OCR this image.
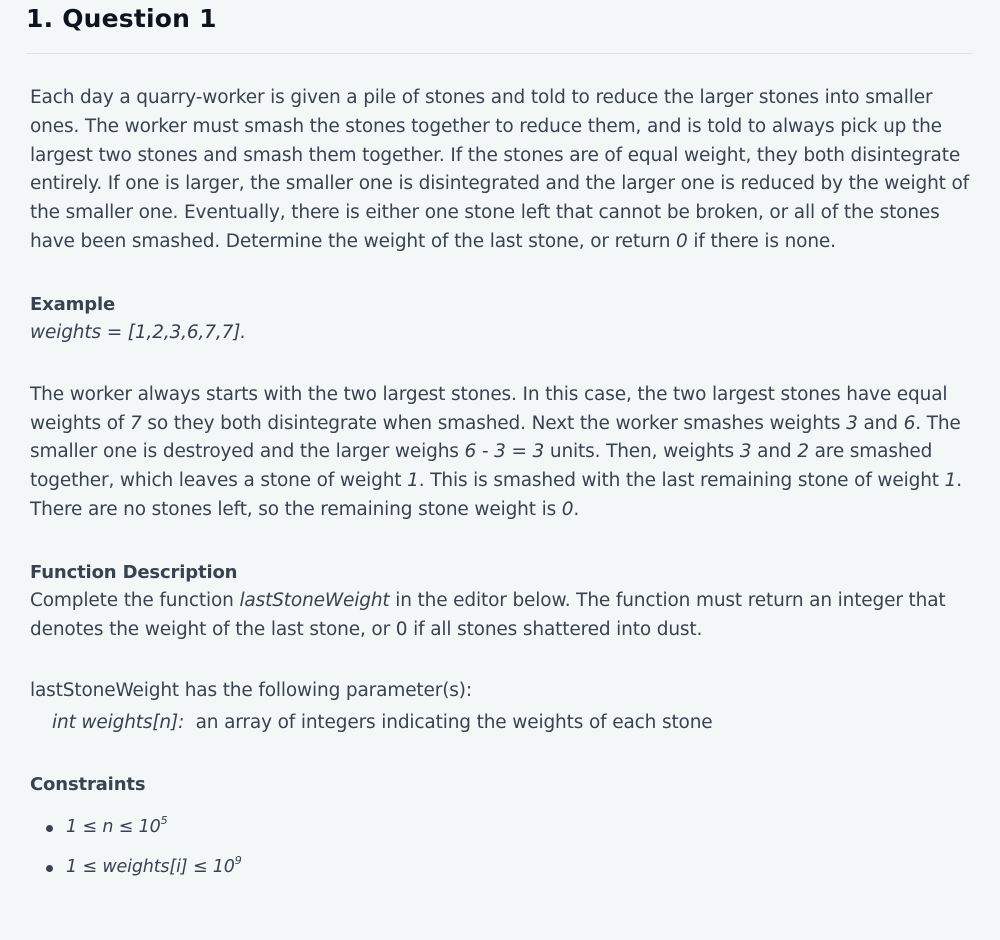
1. Question 1

Each day a quarry-worker is given a pile of stones and told to reduce the larger stones into smaller ones. The worker must smash the stones together to reduce them, and is told to always pick up the largest two stones and smash them together. If the stones are of equal weight, they both disintegrate entirely. If one is larger, the smaller one is disintegrated and the larger one is reduced by the weight of the smaller one. Eventually, there is either one stone left that cannot be broken, or all of the stones have been smashed. Determine the weight of the last stone, or return 0 if there is none.

Example

weights = [1,2,3,6,7,7].

The worker always starts with the two largest stones. In this case, the two largest stones have equal weights of 7 so they both disintegrate when smashed. Next the worker smashes weights 3 and 6. The smaller one is destroyed and the larger weighs 6 - 3 = 3 units. Then, weights 3 and 2 are smashed together, which leaves a stone of weight 1. This is smashed with the last remaining stone of weight 1. There are no stones left, so the remaining stone weight is 0.

Function Description

Complete the function lastStoneWeight in the editor below. The function must return an integer that denotes the weight of the last stone, or 0 if all stones shattered into dust.

lastStoneWeight has the following parameter(s):

int weights[n]:  an array of integers indicating the weights of each stone

Constraints

$1 \le n \le 10^5$
1 ≤ weights[i] ≤ $10^9$
